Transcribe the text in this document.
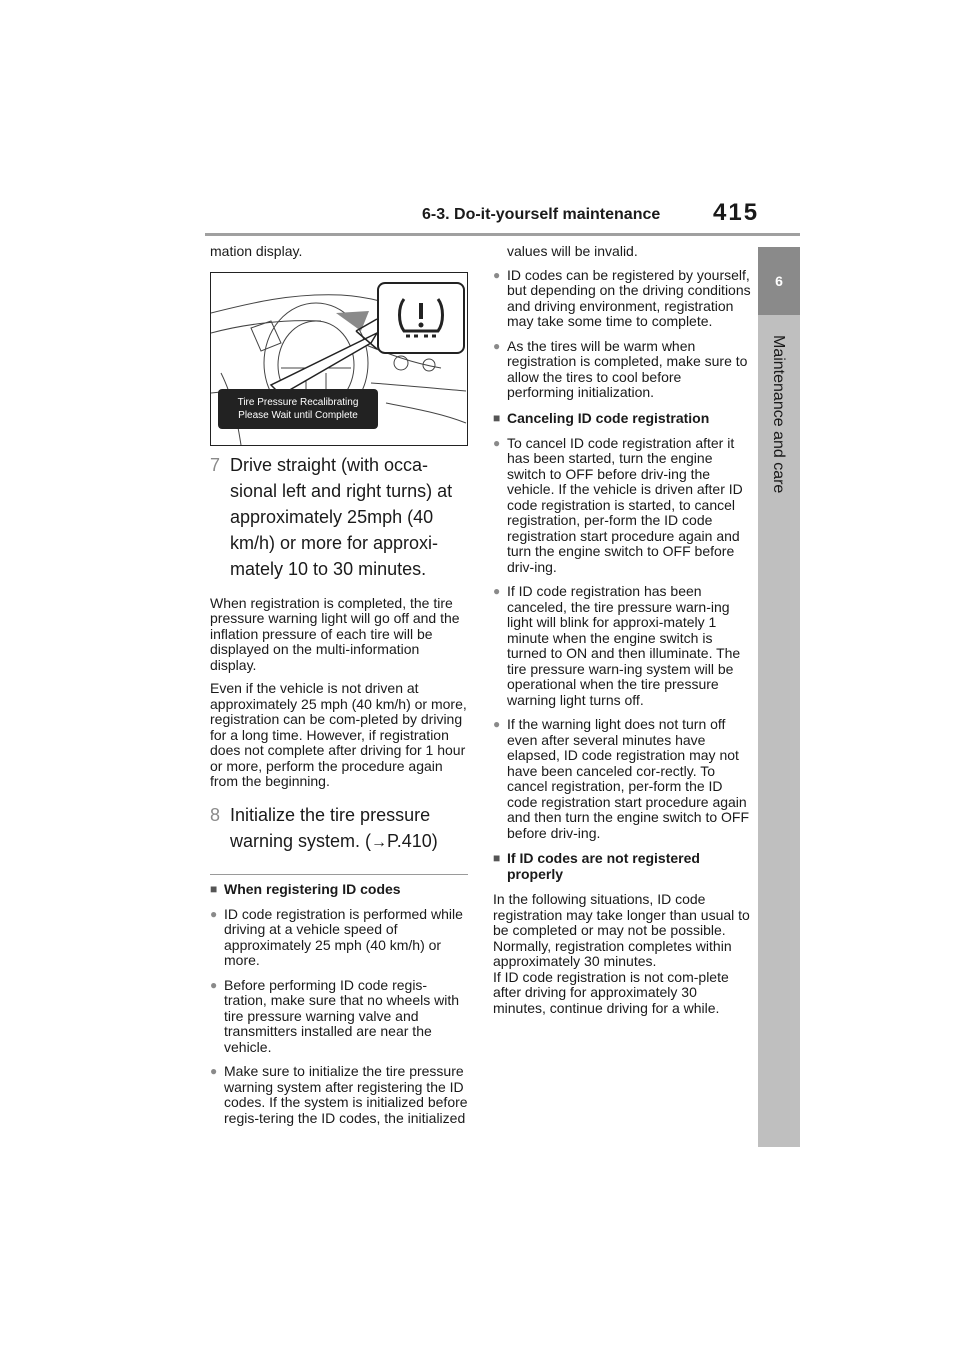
6-3. Do-it-yourself maintenance 415
6
Maintenance and care

mation display.

Tire Pressure Recalibrating
Please Wait until Complete
7 Drive straight (with occa-sional left and right turns) at approximately 25mph (40 km/h) or more for approxi-mately 10 to 30 minutes.

When registration is completed, the tire pressure warning light will go off and the inflation pressure of each tire will be displayed on the multi-information display.

Even if the vehicle is not driven at approximately 25 mph (40 km/h) or more, registration can be com-pleted by driving for a long time. However, if registration does not complete after driving for 1 hour or more, perform the procedure again from the beginning.

8 Initialize the tire pressure warning system. (→P.410)
■ When registering ID codes
● ID code registration is performed while driving at a vehicle speed of approximately 25 mph (40 km/h) or more.
● Before performing ID code regis-tration, make sure that no wheels with tire pressure warning valve and transmitters installed are near the vehicle.
● Make sure to initialize the tire pressure warning system after registering the ID codes. If the system is initialized before regis-tering the ID codes, the initialized

values will be invalid.

● ID codes can be registered by yourself, but depending on the driving conditions and driving environment, registration may take some time to complete.
● As the tires will be warm when registration is completed, make sure to allow the tires to cool before performing initialization.
■ Canceling ID code registration
● To cancel ID code registration after it has been started, turn the engine switch to OFF before driv-ing the vehicle. If the vehicle is driven after ID code registration is started, to cancel registration, per-form the ID code registration start procedure again and turn the engine switch to OFF before driv-ing.
● If ID code registration has been canceled, the tire pressure warn-ing light will blink for approxi-mately 1 minute when the engine switch is turned to ON and then illuminate. The tire pressure warn-ing system will be operational when the tire pressure warning light turns off.
● If the warning light does not turn off even after several minutes have elapsed, ID code registration may not have been canceled cor-rectly. To cancel registration, per-form the ID code registration start procedure again and then turn the engine switch to OFF before driv-ing.
■ If ID codes are not registered properly

In the following situations, ID code registration may take longer than usual to be completed or may not be possible. Normally, registration completes within approximately 30 minutes.

If ID code registration is not com-plete after driving for approximately 30 minutes, continue driving for a while.
